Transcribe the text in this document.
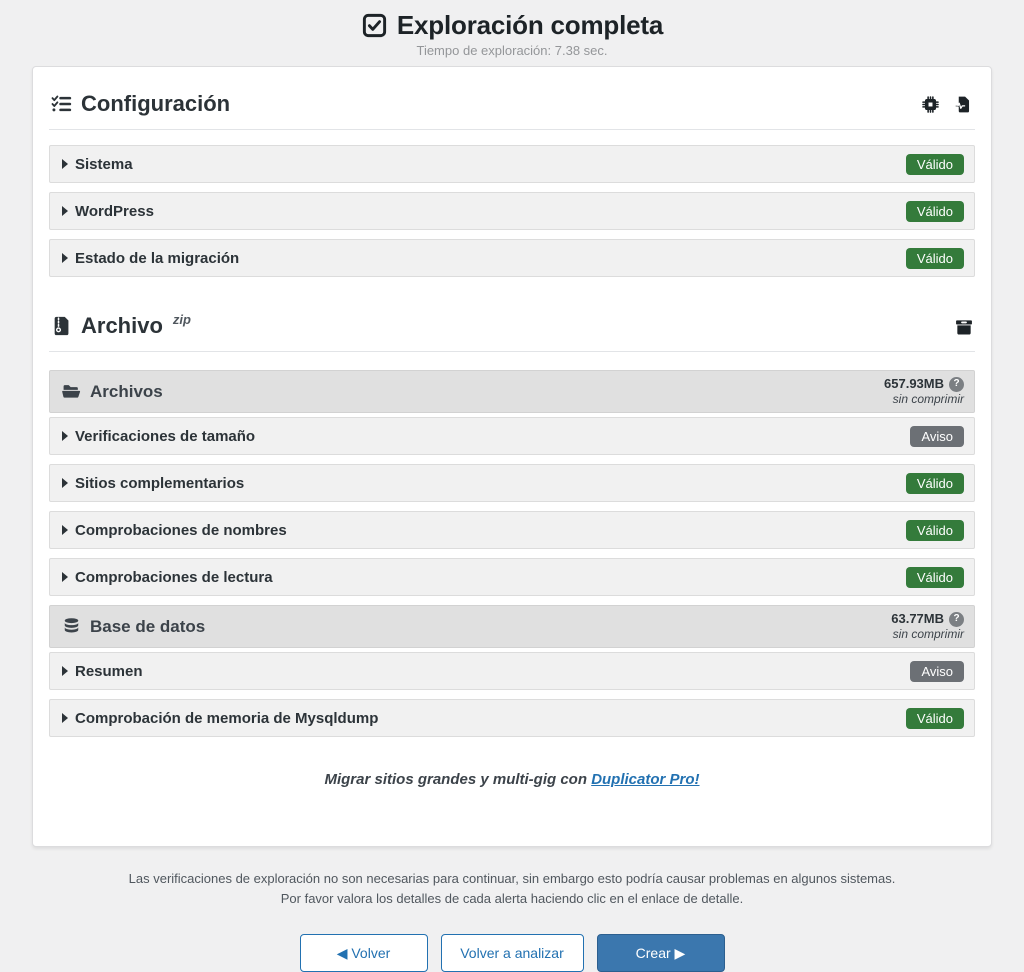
Exploración completa
Tiempo de exploración: 7.38 sec.
Configuración
Sistema	Válido
WordPress	Válido
Estado de la migración	Válido
Archivo zip
Archivos	657.93MB ?
sin comprimir
Verificaciones de tamaño	Aviso
Sitios complementarios	Válido
Comprobaciones de nombres	Válido
Comprobaciones de lectura	Válido
Base de datos	63.77MB ?
sin comprimir
Resumen	Aviso
Comprobación de memoria de Mysqldump	Válido
Migrar sitios grandes y multi-gig con Duplicator Pro!
Las verificaciones de exploración no son necesarias para continuar, sin embargo esto podría causar problemas en algunos sistemas.
Por favor valora los detalles de cada alerta haciendo clic en el enlace de detalle.
◀ Volver	Volver a analizar	Crear ▶
